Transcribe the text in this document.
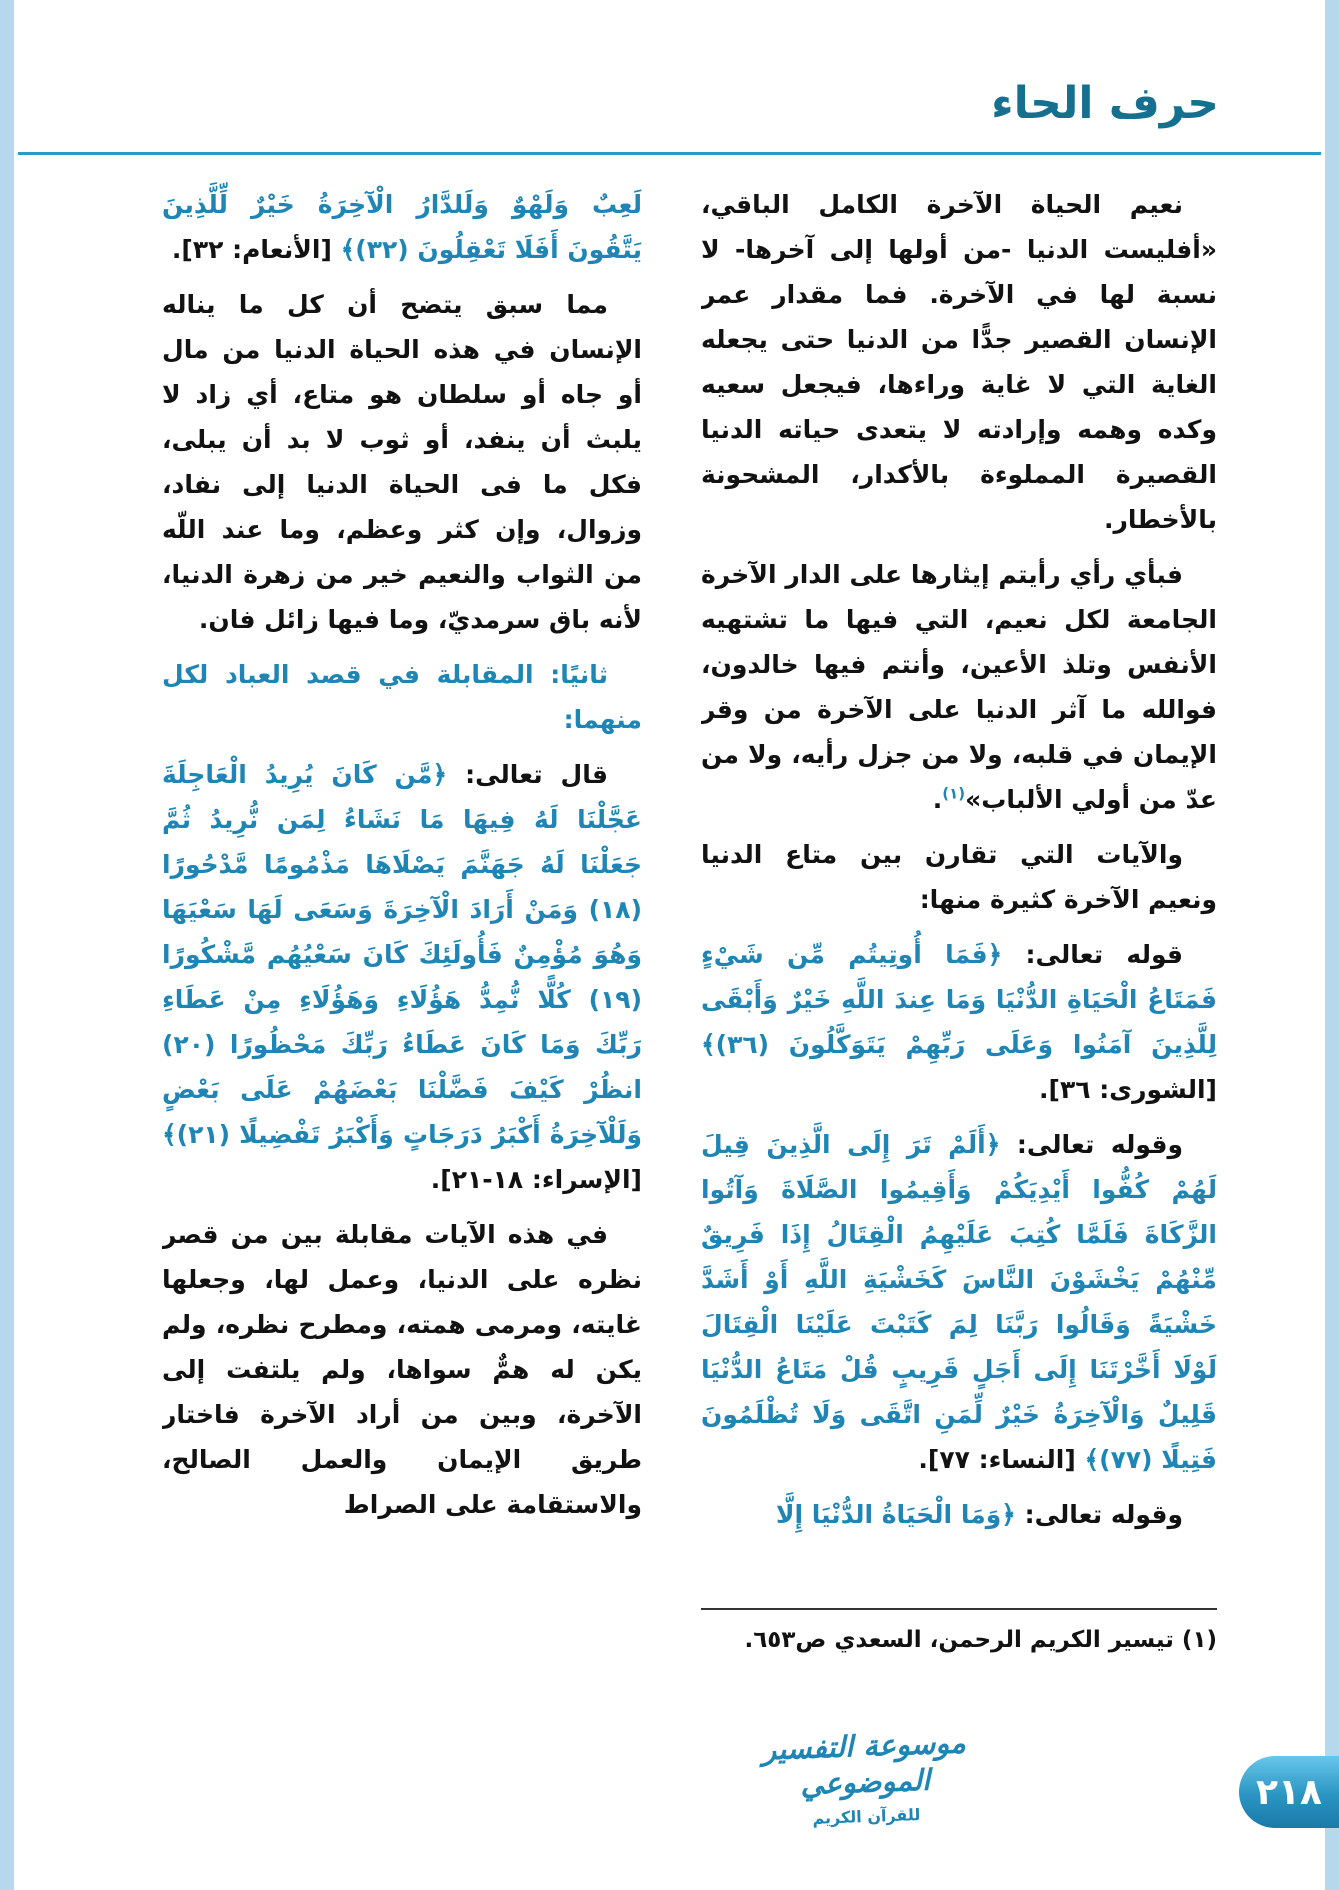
حرف الحاء

نعيم الحياة الآخرة الكامل الباقي، «أفليست الدنيا -من أولها إلى آخرها- لا نسبة لها في الآخرة. فما مقدار عمر الإنسان القصير جدًّا من الدنيا حتى يجعله الغاية التي لا غاية وراءها، فيجعل سعيه وكده وهمه وإرادته لا يتعدى حياته الدنيا القصيرة المملوءة بالأكدار، المشحونة بالأخطار.

فبأي رأي رأيتم إيثارها على الدار الآخرة الجامعة لكل نعيم، التي فيها ما تشتهيه الأنفس وتلذ الأعين، وأنتم فيها خالدون، فوالله ما آثر الدنيا على الآخرة من وقر الإيمان في قلبه، ولا من جزل رأيه، ولا من عدّ من أولي الألباب»$^{(١)}$.

والآيات التي تقارن بين متاع الدنيا ونعيم الآخرة كثيرة منها:

قوله تعالى: ﴿فَمَا أُوتِيتُم مِّن شَيْءٍ فَمَتَاعُ الْحَيَاةِ الدُّنْيَا وَمَا عِندَ اللَّهِ خَيْرٌ وَأَبْقَى لِلَّذِينَ آمَنُوا وَعَلَى رَبِّهِمْ يَتَوَكَّلُونَ (٣٦)﴾ [الشورى: ٣٦].

وقوله تعالى: ﴿أَلَمْ تَرَ إِلَى الَّذِينَ قِيلَ لَهُمْ كُفُّوا أَيْدِيَكُمْ وَأَقِيمُوا الصَّلَاةَ وَآتُوا الزَّكَاةَ فَلَمَّا كُتِبَ عَلَيْهِمُ الْقِتَالُ إِذَا فَرِيقٌ مِّنْهُمْ يَخْشَوْنَ النَّاسَ كَخَشْيَةِ اللَّهِ أَوْ أَشَدَّ خَشْيَةً وَقَالُوا رَبَّنَا لِمَ كَتَبْتَ عَلَيْنَا الْقِتَالَ لَوْلَا أَخَّرْتَنَا إِلَى أَجَلٍ قَرِيبٍ قُلْ مَتَاعُ الدُّنْيَا قَلِيلٌ وَالْآخِرَةُ خَيْرٌ لِّمَنِ اتَّقَى وَلَا تُظْلَمُونَ فَتِيلًا (٧٧)﴾ [النساء: ٧٧].

وقوله تعالى: ﴿وَمَا الْحَيَاةُ الدُّنْيَا إِلَّا

لَعِبٌ وَلَهْوٌ وَلَلدَّارُ الْآخِرَةُ خَيْرٌ لِّلَّذِينَ يَتَّقُونَ أَفَلَا تَعْقِلُونَ (٣٢)﴾ [الأنعام: ٣٢].

مما سبق يتضح أن كل ما يناله الإنسان في هذه الحياة الدنيا من مال أو جاه أو سلطان هو متاع، أي زاد لا يلبث أن ينفد، أو ثوب لا بد أن يبلى، فكل ما فى الحياة الدنيا إلى نفاد، وزوال، وإن كثر وعظم، وما عند اللّه من الثواب والنعيم خير من زهرة الدنيا، لأنه باق سرمديّ، وما فيها زائل فان.

ثانيًا: المقابلة في قصد العباد لكل منهما:

قال تعالى: ﴿مَّن كَانَ يُرِيدُ الْعَاجِلَةَ عَجَّلْنَا لَهُ فِيهَا مَا نَشَاءُ لِمَن نُّرِيدُ ثُمَّ جَعَلْنَا لَهُ جَهَنَّمَ يَصْلَاهَا مَذْمُومًا مَّدْحُورًا (١٨) وَمَنْ أَرَادَ الْآخِرَةَ وَسَعَى لَهَا سَعْيَهَا وَهُوَ مُؤْمِنٌ فَأُولَئِكَ كَانَ سَعْيُهُم مَّشْكُورًا (١٩) كُلًّا نُّمِدُّ هَؤُلَاءِ وَهَؤُلَاءِ مِنْ عَطَاءِ رَبِّكَ وَمَا كَانَ عَطَاءُ رَبِّكَ مَحْظُورًا (٢٠) انظُرْ كَيْفَ فَضَّلْنَا بَعْضَهُمْ عَلَى بَعْضٍ وَلَلْآخِرَةُ أَكْبَرُ دَرَجَاتٍ وَأَكْبَرُ تَفْضِيلًا (٢١)﴾ [الإسراء: ١٨-٢١].

في هذه الآيات مقابلة بين من قصر نظره على الدنيا، وعمل لها، وجعلها غايته، ومرمى همته، ومطرح نظره، ولم يكن له همٌّ سواها، ولم يلتفت إلى الآخرة، وبين من أراد الآخرة فاختار طريق الإيمان والعمل الصالح، والاستقامة على الصراط

(١) تيسير الكريم الرحمن، السعدي ص٦٥٣.
موسوعة التفسير الموضوعي
للقرآن الكريم
٢١٨
